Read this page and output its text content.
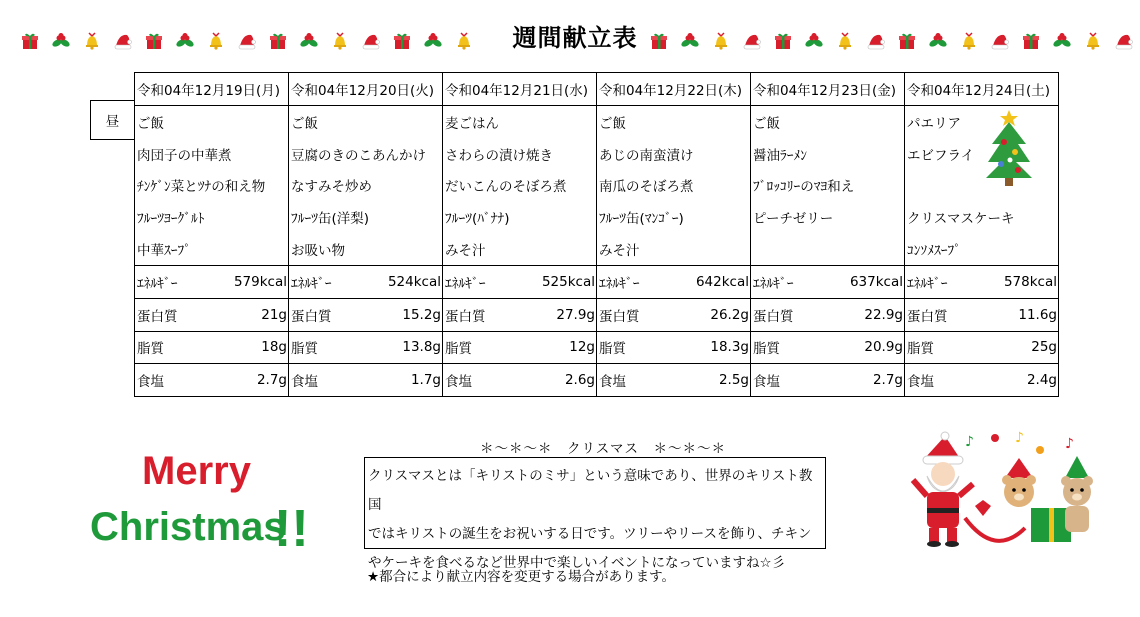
週間献立表
昼
令和04年12月19日(月)		令和04年12月20日(火)		令和04年12月21日(水)		令和04年12月22日(木)		令和04年12月23日(金)		令和04年12月24日(土)	
ご飯		ご飯		麦ごはん		ご飯		ご飯		パエリア	
肉団子の中華煮		豆腐のきのこあんかけ		さわらの漬け焼き		あじの南蛮漬け		醤油ﾗｰﾒﾝ		エビフライ	
ﾁﾝｹﾞﾝ菜とﾂﾅの和え物		なすみそ炒め		だいこんのそぼろ煮		南瓜のそぼろ煮		ﾌﾞﾛｯｺﾘｰのﾏﾖ和え			
ﾌﾙｰﾂﾖｰｸﾞﾙﾄ		ﾌﾙｰﾂ缶(洋梨)		ﾌﾙｰﾂ(ﾊﾞﾅﾅ)		ﾌﾙｰﾂ缶(ﾏﾝｺﾞｰ)		ピーチゼリー		クリスマスケーキ	
中華ｽｰﾌﾟ		お吸い物		みそ汁		みそ汁				ｺﾝｿﾒｽｰﾌﾟ	
ｴﾈﾙｷﾞｰ	579kcal	ｴﾈﾙｷﾞｰ	524kcal	ｴﾈﾙｷﾞｰ	525kcal	ｴﾈﾙｷﾞｰ	642kcal	ｴﾈﾙｷﾞｰ	637kcal	ｴﾈﾙｷﾞｰ	578kcal
蛋白質	21g	蛋白質	15.2g	蛋白質	27.9g	蛋白質	26.2g	蛋白質	22.9g	蛋白質	11.6g
脂質	18g	脂質	13.8g	脂質	12g	脂質	18.3g	脂質	20.9g	脂質	25g
食塩	2.7g	食塩	1.7g	食塩	2.6g	食塩	2.5g	食塩	2.7g	食塩	2.4g
Merry
Christmas
!!
＊～＊～＊　クリスマス　＊～＊～＊
クリスマスとは「キリストのミサ」という意味であり、世界のキリスト教国
ではキリストの誕生をお祝いする日です。ツリーやリースを飾り、チキン
やケーキを食べるなど世界中で楽しいイベントになっていますね☆彡
★都合により献立内容を変更する場合があります。
♪	♪	♪
